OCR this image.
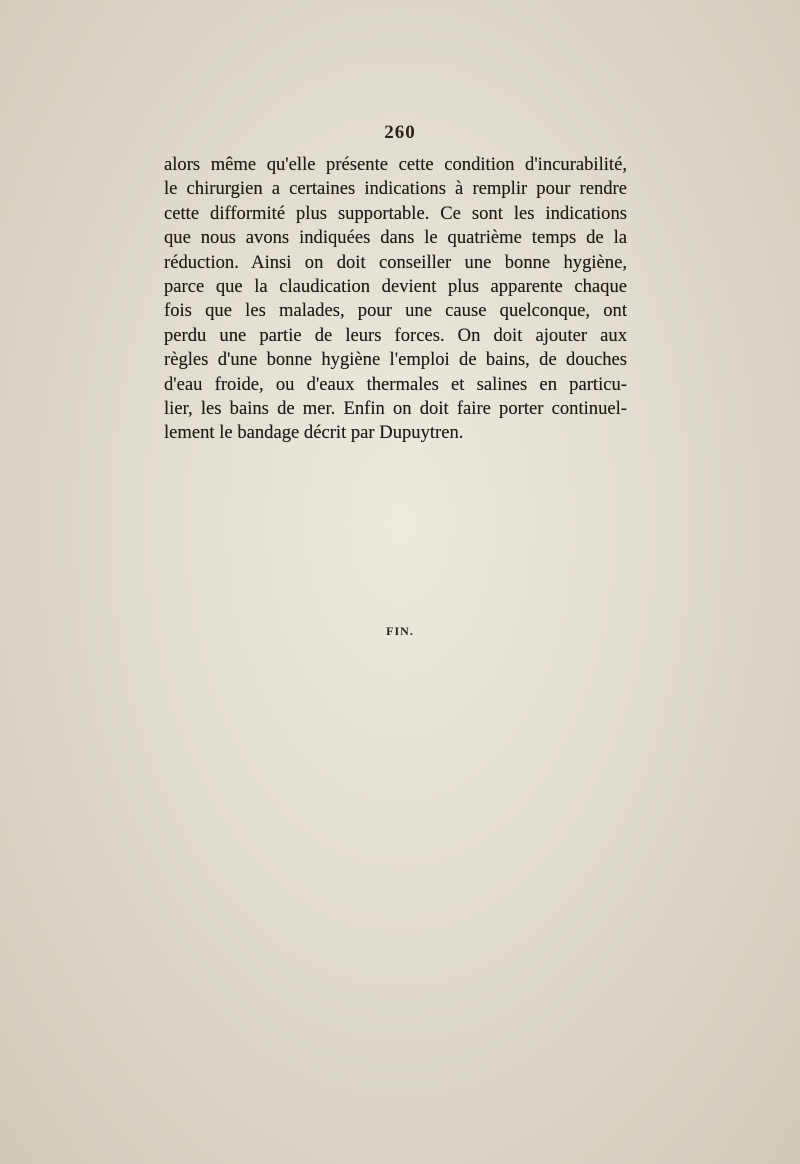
260
alors même qu'elle présente cette condition d'incurabilité,
le chirurgien a certaines indications à remplir pour rendre
cette difformité plus supportable. Ce sont les indications
que nous avons indiquées dans le quatrième temps de la
réduction. Ainsi on doit conseiller une bonne hygiène,
parce que la claudication devient plus apparente chaque
fois que les malades, pour une cause quelconque, ont
perdu une partie de leurs forces. On doit ajouter aux
règles d'une bonne hygiène l'emploi de bains, de douches
d'eau froide, ou d'eaux thermales et salines en particu-
lier, les bains de mer. Enfin on doit faire porter continuel-
lement le bandage décrit par Dupuytren.
FIN.
